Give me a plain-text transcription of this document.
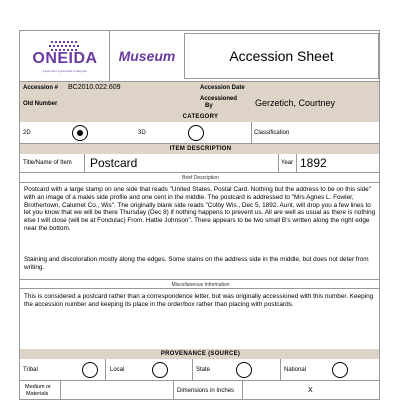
ONEIDA
A good mind. A good heart. A strong fire.
Museum	Accession Sheet
Accession # BC2010.022.609	Accession Date
Old Number
Accessioned
By	Gerzetich, Courtney
CATEGORY
2D	3D	Classification
ITEM DESCRIPTION
Title/Name of Item Postcard	Year 1892
Brief Description
Postcard with a large stamp on one side that reads "United States, Postal Card. Nothing but the address to be on this side" with an image of a males side profile and one cent in the middle. The postcard is addressed to "Mrs Agnes L. Fowler, Brothertown, Calumet Co., Wis". The originally blank side reads "Colby Wis., Dec 5, 1892. Aunt, will drop you a few lines to let you know that we will be there Thursday (Dec 8) if nothing happens to prevent us. All are well as usual as there is nothing else I will close (will be at Fondulac) From. Hattie Johnson". There appears to be two small B's written along the right edge near the bottom.
Staining and discoloration mostly along the edges. Some stains on the address side in the middle, but does not deter from writing.
Miscellaneous Information
This is considered a postcard rather than a correspondence letter, but was originally accessioned with this number. Keeping the accession number and keeping its place in the order/box rather than placing with postcards.
PROVENANCE (SOURCE)
Tribal	Local	State	National
Medium or
Materials	Dimensions in Inches	X
